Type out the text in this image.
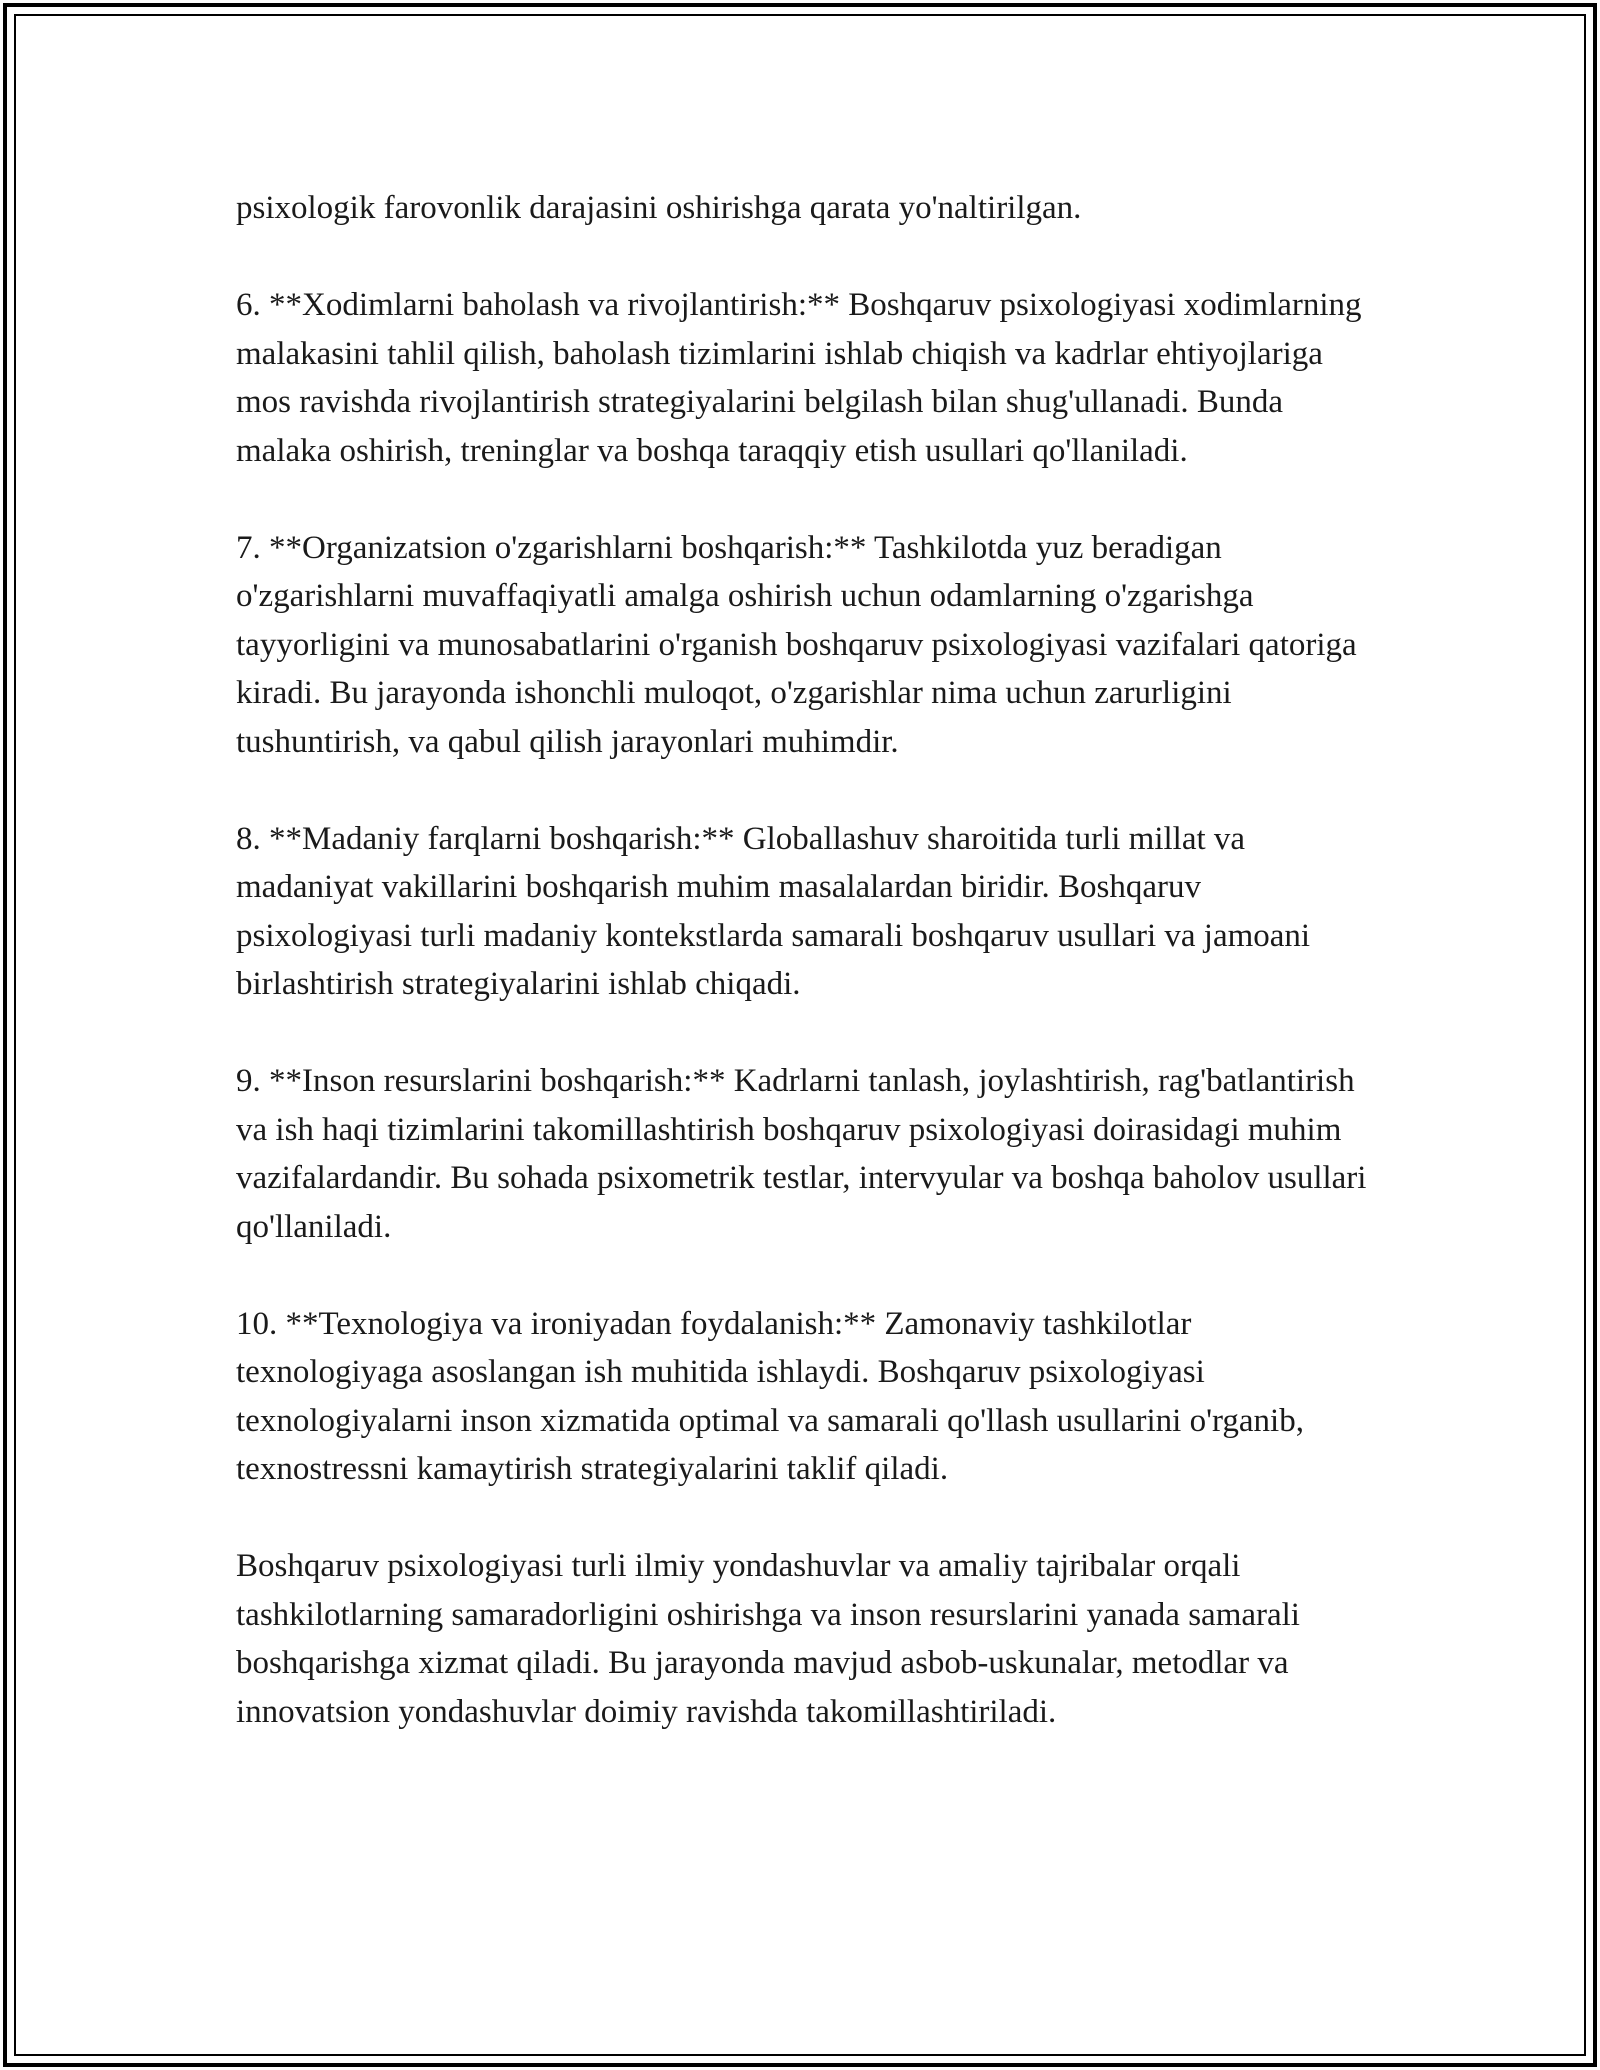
psixologik farovonlik darajasini oshirishga qarata yo'naltirilgan.

6. **Xodimlarni baholash va rivojlantirish:** Boshqaruv psixologiyasi xodimlarning malakasini tahlil qilish, baholash tizimlarini ishlab chiqish va kadrlar ehtiyojlariga mos ravishda rivojlantirish strategiyalarini belgilash bilan shug'ullanadi. Bunda malaka oshirish, treninglar va boshqa taraqqiy etish usullari qo'llaniladi.

7. **Organizatsion o'zgarishlarni boshqarish:** Tashkilotda yuz beradigan o'zgarishlarni muvaffaqiyatli amalga oshirish uchun odamlarning o'zgarishga tayyorligini va munosabatlarini o'rganish boshqaruv psixologiyasi vazifalari qatoriga kiradi. Bu jarayonda ishonchli muloqot, o'zgarishlar nima uchun zarurligini tushuntirish, va qabul qilish jarayonlari muhimdir.

8. **Madaniy farqlarni boshqarish:** Globallashuv sharoitida turli millat va madaniyat vakillarini boshqarish muhim masalalardan biridir. Boshqaruv psixologiyasi turli madaniy kontekstlarda samarali boshqaruv usullari va jamoani birlashtirish strategiyalarini ishlab chiqadi.

9. **Inson resurslarini boshqarish:** Kadrlarni tanlash, joylashtirish, rag'batlantirish va ish haqi tizimlarini takomillashtirish boshqaruv psixologiyasi doirasidagi muhim vazifalardandir. Bu sohada psixometrik testlar, intervyular va boshqa baholov usullari qo'llaniladi.

10. **Texnologiya va ironiyadan foydalanish:** Zamonaviy tashkilotlar texnologiyaga asoslangan ish muhitida ishlaydi. Boshqaruv psixologiyasi texnologiyalarni inson xizmatida optimal va samarali qo'llash usullarini o'rganib, texnostressni kamaytirish strategiyalarini taklif qiladi.

Boshqaruv psixologiyasi turli ilmiy yondashuvlar va amaliy tajribalar orqali tashkilotlarning samaradorligini oshirishga va inson resurslarini yanada samarali boshqarishga xizmat qiladi. Bu jarayonda mavjud asbob-uskunalar, metodlar va innovatsion yondashuvlar doimiy ravishda takomillashtiriladi.
